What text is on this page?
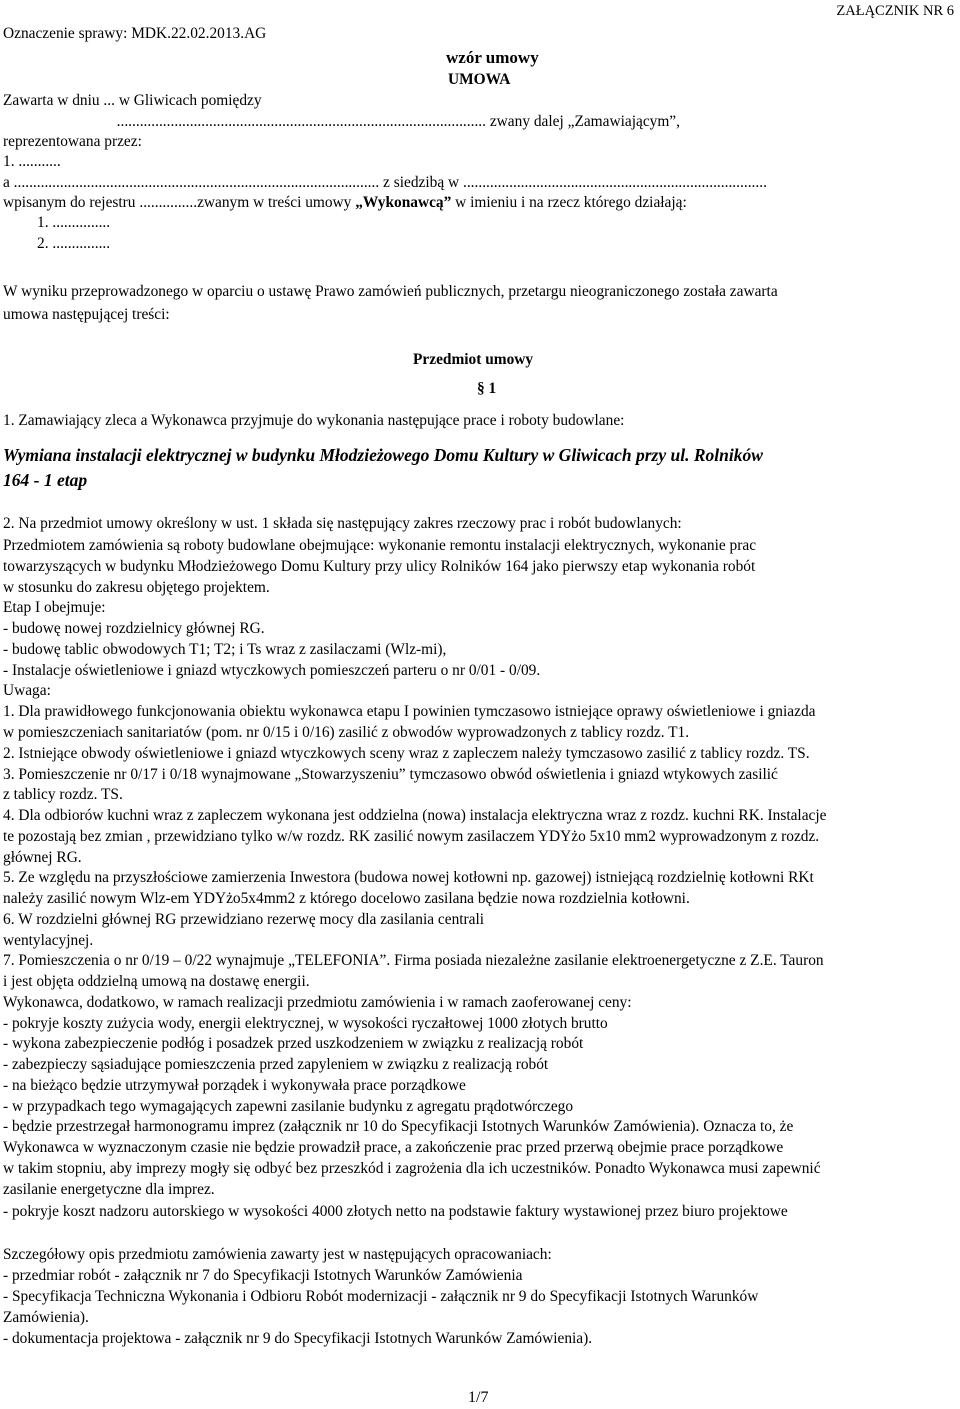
Oznaczenie sprawy: MDK.22.02.2013.AG
ZAŁĄCZNIK NR 6
wzór umowy
UMOWA
Zawarta w dniu ... w Gliwicach pomiędzy
................................................................................................ zwany dalej „Zamawiającym”,
reprezentowana przez:
1. ...........
a ............................................................................................... z siedzibą w ...............................................................................
wpisanym do rejestru ...............zwanym w treści umowy „Wykonawcą” w imieniu i na rzecz którego działają:
1. ...............
2. ...............
W wyniku przeprowadzonego w oparciu o ustawę Prawo zamówień publicznych, przetargu nieograniczonego została zawarta
umowa następującej treści:
Przedmiot umowy
§ 1
1. Zamawiający zleca a Wykonawca przyjmuje do wykonania następujące prace i roboty budowlane:
Wymiana instalacji elektrycznej w budynku Młodzieżowego Domu Kultury w Gliwicach przy ul. Rolników
164 - 1 etap
2. Na przedmiot umowy określony w ust. 1 składa się następujący zakres rzeczowy prac i robót budowlanych:
Przedmiotem zamówienia są roboty budowlane obejmujące: wykonanie remontu instalacji elektrycznych, wykonanie prac
towarzyszących w budynku Młodzieżowego Domu Kultury przy ulicy Rolników 164 jako pierwszy etap wykonania robót
w stosunku do zakresu objętego projektem.
Etap I obejmuje:
- budowę nowej rozdzielnicy głównej RG.
- budowę tablic obwodowych T1; T2; i Ts wraz z zasilaczami (Wlz-mi),
- Instalacje oświetleniowe i gniazd wtyczkowych pomieszczeń parteru o nr 0/01 - 0/09.
Uwaga:
1. Dla prawidłowego funkcjonowania obiektu wykonawca etapu I powinien tymczasowo istniejące oprawy oświetleniowe i gniazda
w pomieszczeniach sanitariatów (pom. nr 0/15 i 0/16) zasilić z obwodów wyprowadzonych z tablicy rozdz. T1.
2. Istniejące obwody oświetleniowe i gniazd wtyczkowych sceny wraz z zapleczem należy tymczasowo zasilić z tablicy rozdz. TS.
3. Pomieszczenie nr 0/17 i 0/18 wynajmowane „Stowarzyszeniu” tymczasowo obwód oświetlenia i gniazd wtykowych zasilić
z tablicy rozdz. TS.
4. Dla odbiorów kuchni wraz z zapleczem wykonana jest oddzielna (nowa) instalacja elektryczna wraz z rozdz. kuchni RK. Instalacje
te pozostają bez zmian , przewidziano tylko w/w rozdz. RK zasilić nowym zasilaczem YDYżo 5x10 mm2 wyprowadzonym z rozdz.
głównej RG.
5. Ze względu na przyszłościowe zamierzenia Inwestora (budowa nowej kotłowni np. gazowej) istniejącą rozdzielnię kotłowni RKt
należy zasilić nowym Wlz-em YDYżo5x4mm2 z którego docelowo zasilana będzie nowa rozdzielnia kotłowni.
6. W rozdzielni głównej RG przewidziano rezerwę mocy dla zasilania centrali
wentylacyjnej.
7. Pomieszczenia o nr 0/19 – 0/22 wynajmuje „TELEFONIA”. Firma posiada niezależne zasilanie elektroenergetyczne z Z.E. Tauron
i jest objęta oddzielną umową na dostawę energii.
Wykonawca, dodatkowo, w ramach realizacji przedmiotu zamówienia i w ramach zaoferowanej ceny:
- pokryje koszty zużycia wody, energii elektrycznej, w wysokości ryczałtowej 1000 złotych brutto
- wykona zabezpieczenie podłóg i posadzek przed uszkodzeniem w związku z realizacją robót
- zabezpieczy sąsiadujące pomieszczenia przed zapyleniem w związku z realizacją robót
- na bieżąco będzie utrzymywał porządek i wykonywała prace porządkowe
- w przypadkach tego wymagających zapewni zasilanie budynku z agregatu prądotwórczego
- będzie przestrzegał harmonogramu imprez (załącznik nr 10 do Specyfikacji Istotnych Warunków Zamówienia). Oznacza to, że
Wykonawca w wyznaczonym czasie nie będzie prowadził prace, a zakończenie prac przed przerwą obejmie prace porządkowe
w takim stopniu, aby imprezy mogły się odbyć bez przeszkód i zagrożenia dla ich uczestników. Ponadto Wykonawca musi zapewnić
zasilanie energetyczne dla imprez.
- pokryje koszt nadzoru autorskiego w wysokości 4000 złotych netto na podstawie faktury wystawionej przez biuro projektowe
Szczegółowy opis przedmiotu zamówienia zawarty jest w następujących opracowaniach:
- przedmiar robót - załącznik nr 7 do Specyfikacji Istotnych Warunków Zamówienia
- Specyfikacja Techniczna Wykonania i Odbioru Robót modernizacji - załącznik nr 9 do Specyfikacji Istotnych Warunków
Zamówienia).
- dokumentacja projektowa - załącznik nr 9 do Specyfikacji Istotnych Warunków Zamówienia).
1/7
